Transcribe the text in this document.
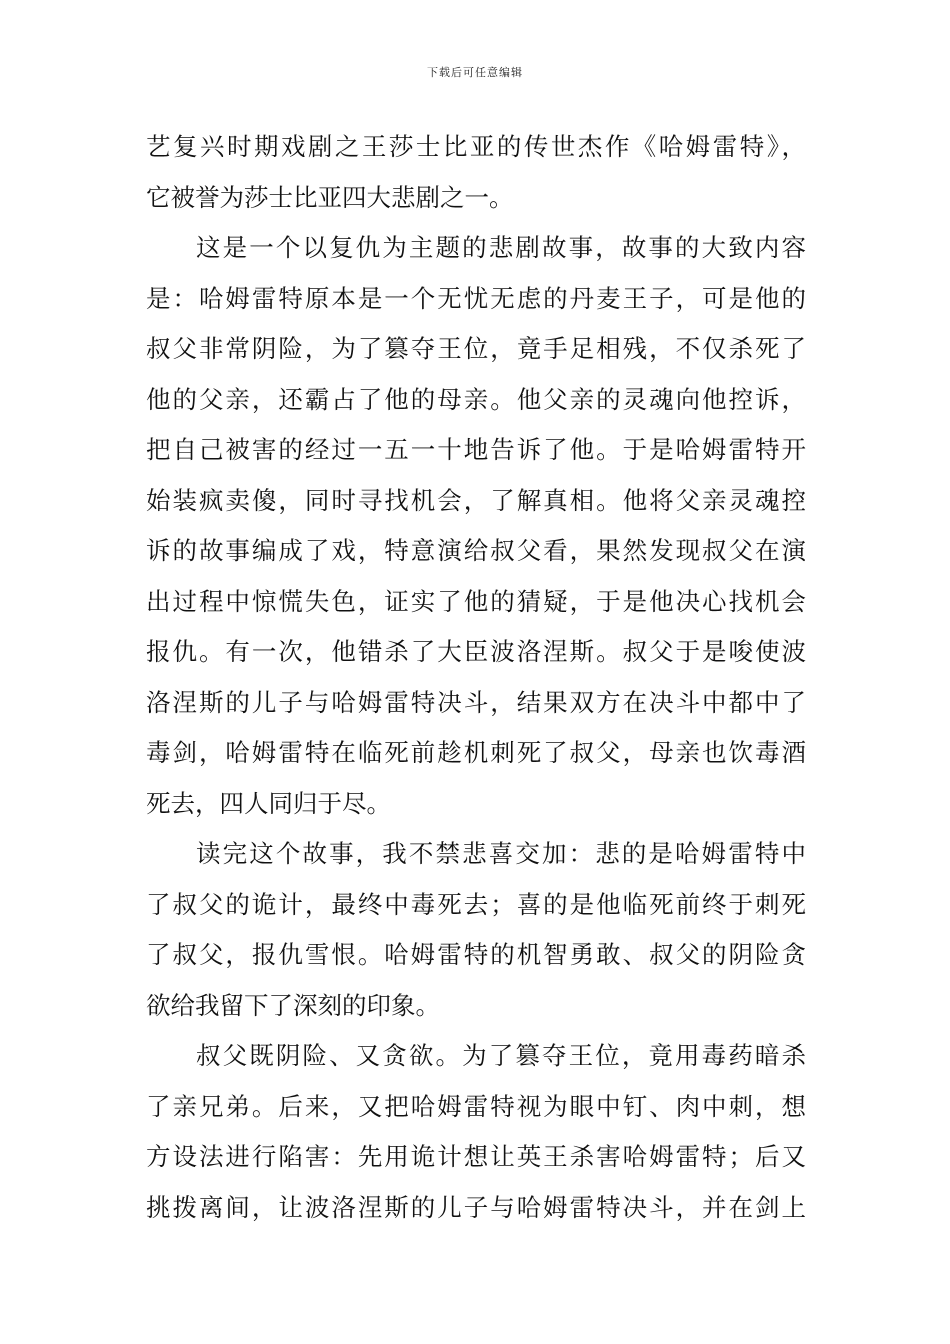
下载后可任意编辑
艺复兴时期戏剧之王莎士比亚的传世杰作《哈姆雷特》，
它被誉为莎士比亚四大悲剧之一。
这是一个以复仇为主题的悲剧故事，故事的大致内容
是：哈姆雷特原本是一个无忧无虑的丹麦王子，可是他的
叔父非常阴险，为了篡夺王位，竟手足相残，不仅杀死了
他的父亲，还霸占了他的母亲。他父亲的灵魂向他控诉，
把自己被害的经过一五一十地告诉了他。于是哈姆雷特开
始装疯卖傻，同时寻找机会，了解真相。他将父亲灵魂控
诉的故事编成了戏，特意演给叔父看，果然发现叔父在演
出过程中惊慌失色，证实了他的猜疑，于是他决心找机会
报仇。有一次，他错杀了大臣波洛涅斯。叔父于是唆使波
洛涅斯的儿子与哈姆雷特决斗，结果双方在决斗中都中了
毒剑，哈姆雷特在临死前趁机刺死了叔父，母亲也饮毒酒
死去，四人同归于尽。
读完这个故事，我不禁悲喜交加：悲的是哈姆雷特中
了叔父的诡计，最终中毒死去；喜的是他临死前终于刺死
了叔父，报仇雪恨。哈姆雷特的机智勇敢、叔父的阴险贪
欲给我留下了深刻的印象。
叔父既阴险、又贪欲。为了篡夺王位，竟用毒药暗杀
了亲兄弟。后来，又把哈姆雷特视为眼中钉、肉中刺，想
方设法进行陷害：先用诡计想让英王杀害哈姆雷特；后又
挑拨离间，让波洛涅斯的儿子与哈姆雷特决斗，并在剑上
